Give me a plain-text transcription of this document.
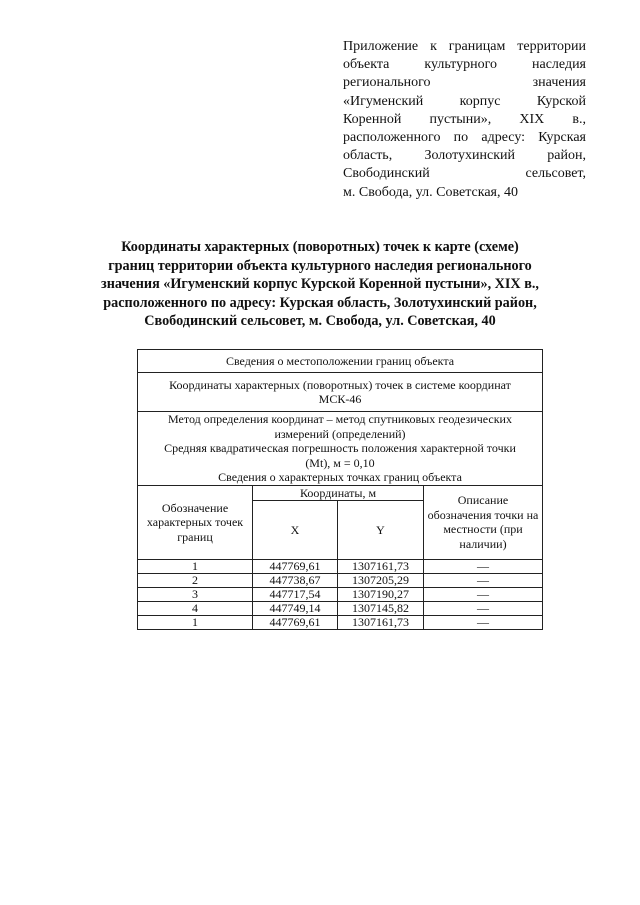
Приложение к границам территории
объекта культурного наследия
регионального значения
«Игуменский корпус Курской
Коренной пустыни», XIX в.,
расположенного по адресу: Курская
область, Золотухинский район,
Свободинский сельсовет,
м. Свобода, ул. Советская, 40
Координаты характерных (поворотных) точек к карте (схеме)
границ территории объекта культурного наследия регионального
значения «Игуменский корпус Курской Коренной пустыни», XIX в.,
расположенного по адресу: Курская область, Золотухинский район,
Свободинский сельсовет, м. Свобода, ул. Советская, 40
Сведения о местоположении границ объекта			

Координаты характерных (поворотных) точек в системе координат
МСК-46			

Метод определения координат – метод спутниковых геодезических
измерений (определений)
Средняя квадратическая погрешность положения характерной точки
(Mt), м = 0,10
Сведения о характерных точках границ объекта			

Обозначение характерных точек границ	Координаты, м		Описание обозначения точки на местности (при наличии)
	X	Y	
1	447769,61	1307161,73	—
2	447738,67	1307205,29	—
3	447717,54	1307190,27	—
4	447749,14	1307145,82	—
1	447769,61	1307161,73	—
